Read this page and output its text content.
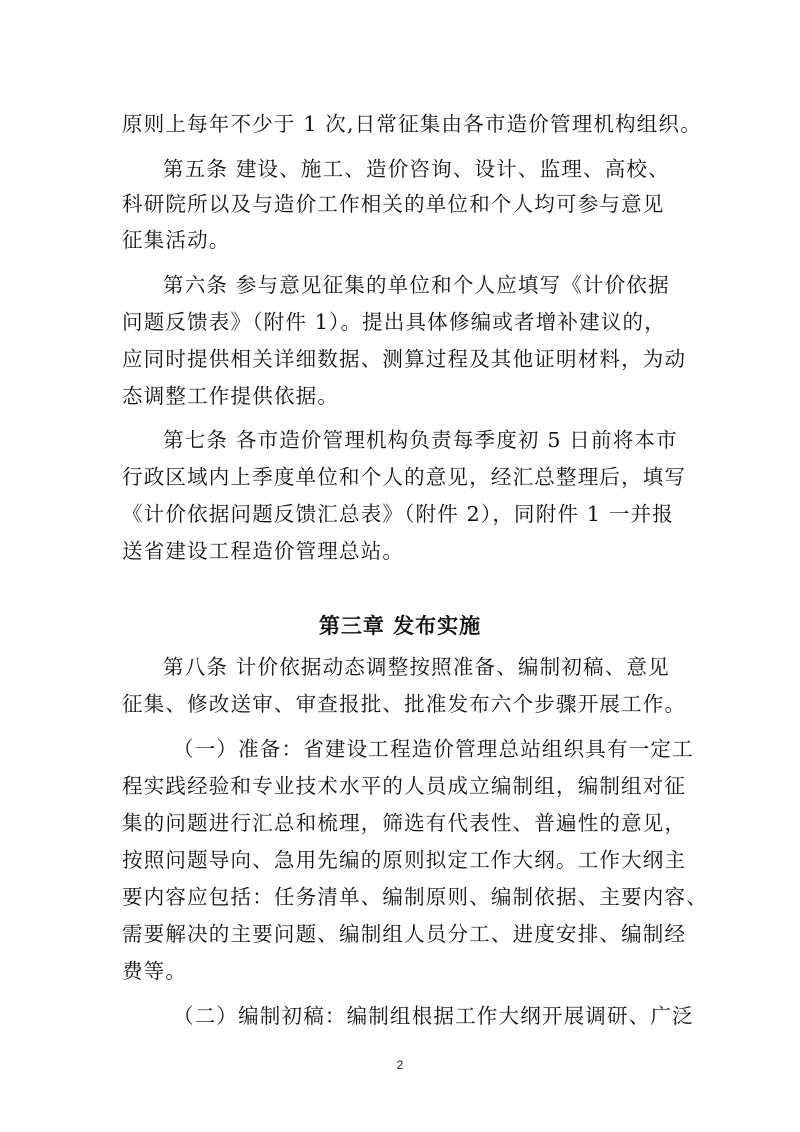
原则上每年不少于 1 次,日常征集由各市造价管理机构组织。
第五条 建设、施工、造价咨询、设计、监理、高校、
科研院所以及与造价工作相关的单位和个人均可参与意见
征集活动。
第六条 参与意见征集的单位和个人应填写《计价依据
问题反馈表》（附件 1）。提出具体修编或者增补建议的，
应同时提供相关详细数据、测算过程及其他证明材料，为动
态调整工作提供依据。
第七条 各市造价管理机构负责每季度初 5 日前将本市
行政区域内上季度单位和个人的意见，经汇总整理后，填写
《计价依据问题反馈汇总表》（附件 2），同附件 1 一并报
送省建设工程造价管理总站。
第三章 发布实施
第八条 计价依据动态调整按照准备、编制初稿、意见
征集、修改送审、审查报批、批准发布六个步骤开展工作。
（一）准备：省建设工程造价管理总站组织具有一定工
程实践经验和专业技术水平的人员成立编制组，编制组对征
集的问题进行汇总和梳理，筛选有代表性、普遍性的意见，
按照问题导向、急用先编的原则拟定工作大纲。工作大纲主
要内容应包括：任务清单、编制原则、编制依据、主要内容、
需要解决的主要问题、编制组人员分工、进度安排、编制经
费等。
（二）编制初稿：编制组根据工作大纲开展调研、广泛
2
